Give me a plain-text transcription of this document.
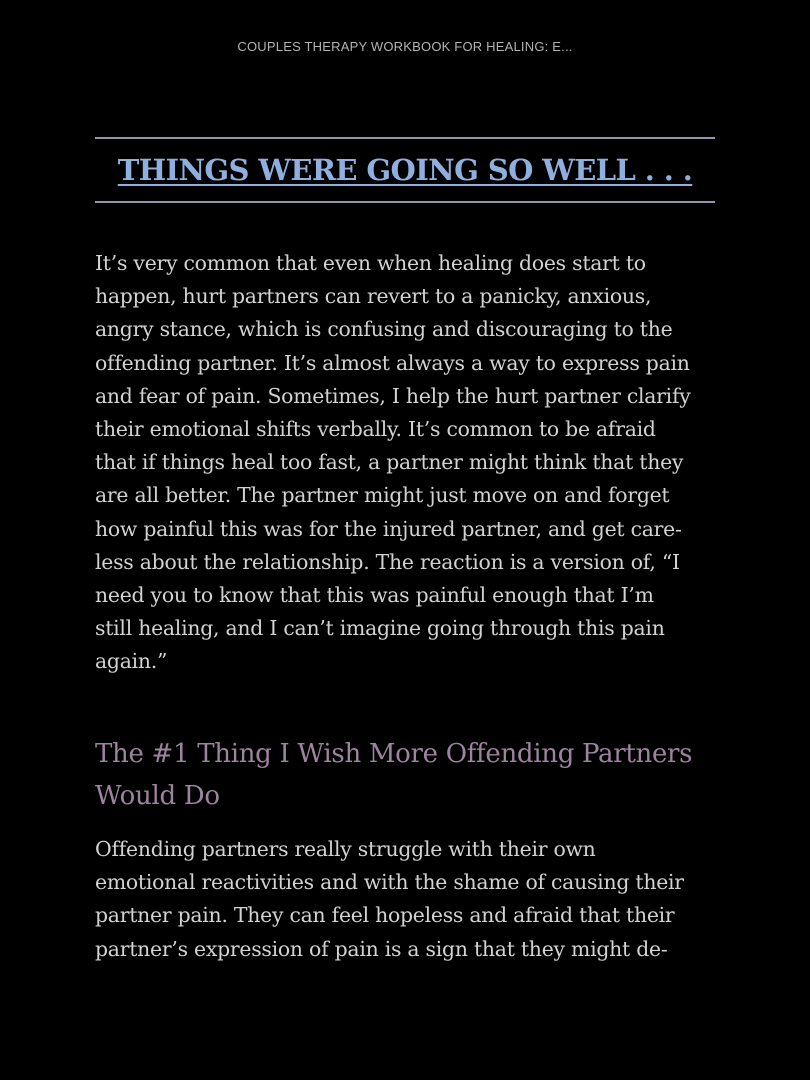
COUPLES THERAPY WORKBOOK FOR HEALING: E...
THINGS WERE GOING SO WELL . . .

It’s very common that even when healing does start to
happen, hurt partners can revert to a panicky, anxious,
angry stance, which is confusing and discouraging to the
offending partner. It’s almost always a way to express pain
and fear of pain. Sometimes, I help the hurt partner clarify
their emotional shifts verbally. It’s common to be afraid
that if things heal too fast, a partner might think that they
are all better. The partner might just move on and forget
how painful this was for the injured partner, and get care-
less about the relationship. The reaction is a version of, “I
need you to know that this was painful enough that I’m
still healing, and I can’t imagine going through this pain
again.”

The #1 Thing I Wish More Offending Partners
Would Do

Offending partners really struggle with their own
emotional reactivities and with the shame of causing their
partner pain. They can feel hopeless and afraid that their
partner’s expression of pain is a sign that they might de-
